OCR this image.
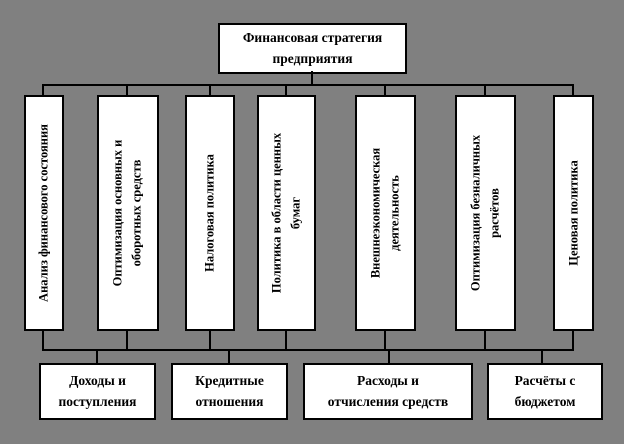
Финансовая стратегия
предприятия
Анализ финансового состояния	Оптимизация основных и оборотных средств	Налоговая политика	Политика в области ценных бумаг	Внешнеэкономическая деятельность	Оптимизация безналичных расчётов	Ценовая политика
Доходы и
поступления
Кредитные
отношения
Расходы и
отчисления средств
Расчёты с
бюджетом
